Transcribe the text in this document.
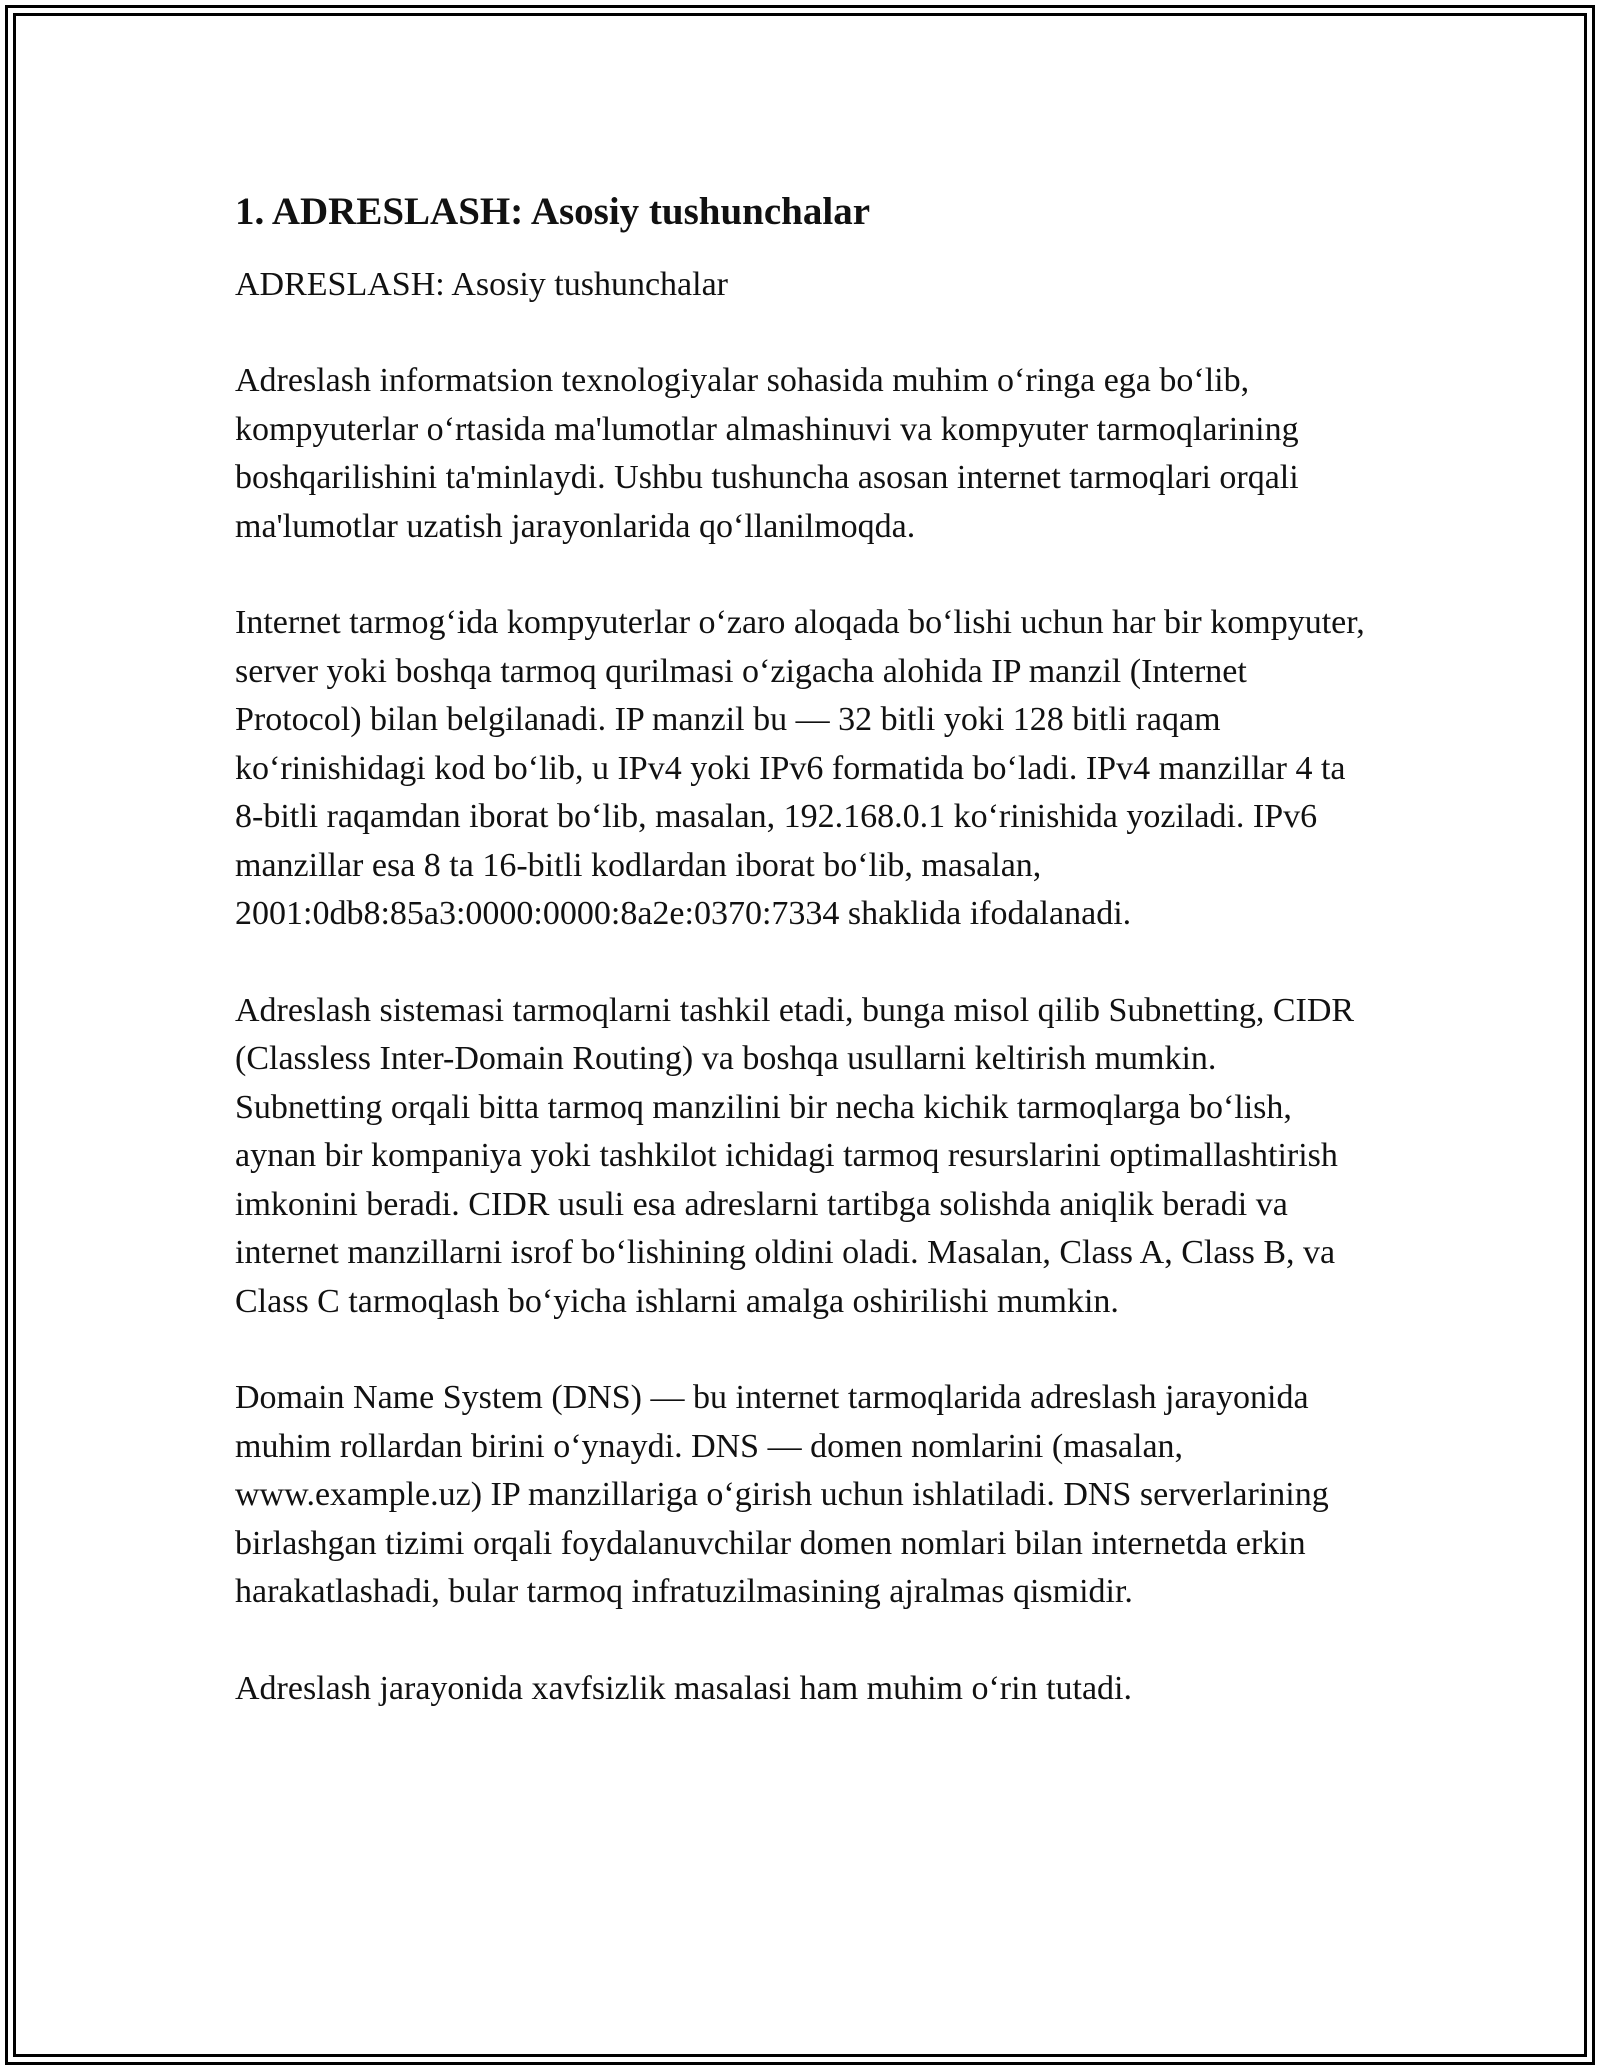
1. ADRESLASH: Asosiy tushunchalar

ADRESLASH: Asosiy tushunchalar

Adreslash informatsion texnologiyalar sohasida muhim o‘ringa ega bo‘lib, kompyuterlar o‘rtasida ma'lumotlar almashinuvi va kompyuter tarmoqlarining boshqarilishini ta'minlaydi. Ushbu tushuncha asosan internet tarmoqlari orqali ma'lumotlar uzatish jarayonlarida qo‘llanilmoqda.

Internet tarmog‘ida kompyuterlar o‘zaro aloqada bo‘lishi uchun har bir kompyuter, server yoki boshqa tarmoq qurilmasi o‘zigacha alohida IP manzil (Internet Protocol) bilan belgilanadi. IP manzil bu — 32 bitli yoki 128 bitli raqam ko‘rinishidagi kod bo‘lib, u IPv4 yoki IPv6 formatida bo‘ladi. IPv4 manzillar 4 ta 8-bitli raqamdan iborat bo‘lib, masalan, 192.168.0.1 ko‘rinishida yoziladi. IPv6 manzillar esa 8 ta 16-bitli kodlardan iborat bo‘lib, masalan, 2001:0db8:85a3:0000:0000:8a2e:0370:7334 shaklida ifodalanadi.

Adreslash sistemasi tarmoqlarni tashkil etadi, bunga misol qilib Subnetting, CIDR (Classless Inter-Domain Routing) va boshqa usullarni keltirish mumkin. Subnetting orqali bitta tarmoq manzilini bir necha kichik tarmoqlarga bo‘lish, aynan bir kompaniya yoki tashkilot ichidagi tarmoq resurslarini optimallashtirish imkonini beradi. CIDR usuli esa adreslarni tartibga solishda aniqlik beradi va internet manzillarni isrof bo‘lishining oldini oladi. Masalan, Class A, Class B, va Class C tarmoqlash bo‘yicha ishlarni amalga oshirilishi mumkin.

Domain Name System (DNS) — bu internet tarmoqlarida adreslash jarayonida muhim rollardan birini o‘ynaydi. DNS — domen nomlarini (masalan, www.example.uz) IP manzillariga o‘girish uchun ishlatiladi. DNS serverlarining birlashgan tizimi orqali foydalanuvchilar domen nomlari bilan internetda erkin harakatlashadi, bular tarmoq infratuzilmasining ajralmas qismidir.

Adreslash jarayonida xavfsizlik masalasi ham muhim o‘rin tutadi.
